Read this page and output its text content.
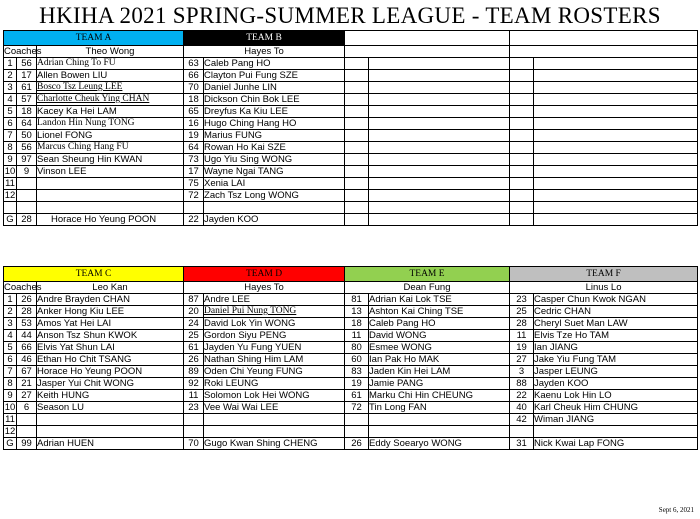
HKIHA 2021 SPRING-SUMMER LEAGUE - TEAM ROSTERS
TEAM A			TEAM B					
Coaches		Theo Wong	Hayes To					
1	56	Adrian Ching To FU	63	Caleb Pang HO				
2	17	Allen Bowen LIU	66	Clayton Pui Fung SZE				
3	61	Bosco Tsz Leung LEE	70	Daniel Junhe LIN				
4	57	Charlotte Cheuk Ying CHAN	18	Dickson Chin Bok LEE				
5	18	Kacey Ka Hei LAM	65	Dreyfus Ka Kiu LEE				
6	64	Landon Hin Nung TONG	16	Hugo Ching Hang HO				
7	50	Lionel FONG	19	Marius FUNG				
8	56	Marcus Ching Hang FU	64	Rowan Ho Kai SZE				
9	97	Sean Sheung Hin KWAN	73	Ugo Yiu Sing WONG				
10	9	Vinson LEE	17	Wayne Ngai TANG				
11			75	Xenia LAI				
12			72	Zach Tsz Long WONG				

G	28	Horace Ho Yeung POON	22	Jayden KOO				
TEAM C			TEAM D		TEAM E		TEAM F	
Coaches		Leo Kan	Hayes To		Dean Fung		Linus Lo	
1	26	Andre Brayden CHAN	87	Andre LEE	81	Adrian Kai Lok TSE	23	Casper Chun Kwok NGAN
2	28	Anker Hong Kiu LEE	20	Daniel Pui Nung TONG	13	Ashton Kai Ching TSE	25	Cedric CHAN
3	53	Amos Yat Hei LAI	24	David Lok Yin WONG	18	Caleb Pang HO	28	Cheryl Suet Man LAW
4	44	Anson Tsz Shun KWOK	25	Gordon Siyu PENG	11	David WONG	11	Elvis Tze Ho TAM
5	66	Elvis Yat Shun LAI	61	Jayden Yu Fung YUEN	80	Esmee WONG	19	Ian JIANG
6	46	Ethan Ho Chit TSANG	26	Nathan Shing Him LAM	60	Ian Pak Ho MAK	27	Jake Yiu Fung TAM
7	67	Horace Ho Yeung POON	89	Oden Chi Yeung FUNG	83	Jaden Kin Hei LAM	3	Jasper LEUNG
8	21	Jasper Yui Chit WONG	92	Roki LEUNG	19	Jamie PANG	88	Jayden KOO
9	27	Keith HUNG	11	Solomon Lok Hei WONG	61	Marku Chi Hin CHEUNG	22	Kaenu Lok Hin LO
10	6	Season LU	23	Vee Wai Wai LEE	72	Tin Long FAN	40	Karl Cheuk Him CHUNG
11							42	Wiman JIANG
12								
G	99	Adrian HUEN	70	Gugo Kwan Shing CHENG	26	Eddy Soearyo WONG	31	Nick Kwai Lap FONG
Sept 6, 2021
